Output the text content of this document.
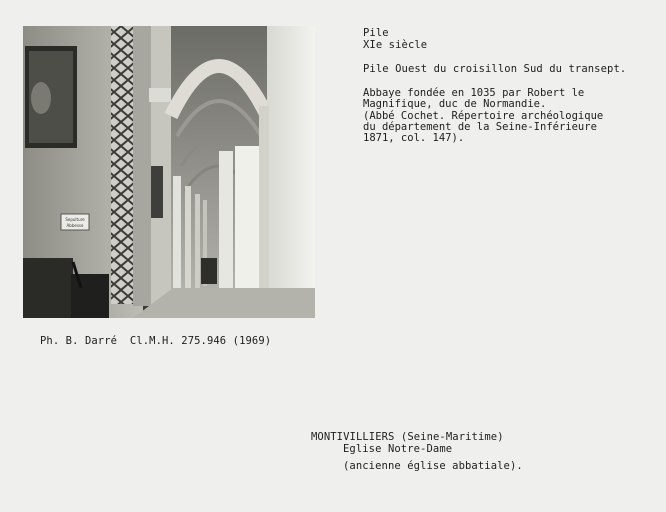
Sepulture
Abbesse
Pile
XIe siècle
Pile Ouest du croisillon Sud du transept.
Abbaye fondée en 1035 par Robert le
Magnifique, duc de Normandie.
(Abbé Cochet. Répertoire archéologique
du département de la Seine-Inférieure
1871, col. 147).
Ph. B. Darré  Cl.M.H. 275.946 (1969)
MONTIVILLIERS (Seine-Maritime)
Eglise Notre-Dame
(ancienne église abbatiale).
